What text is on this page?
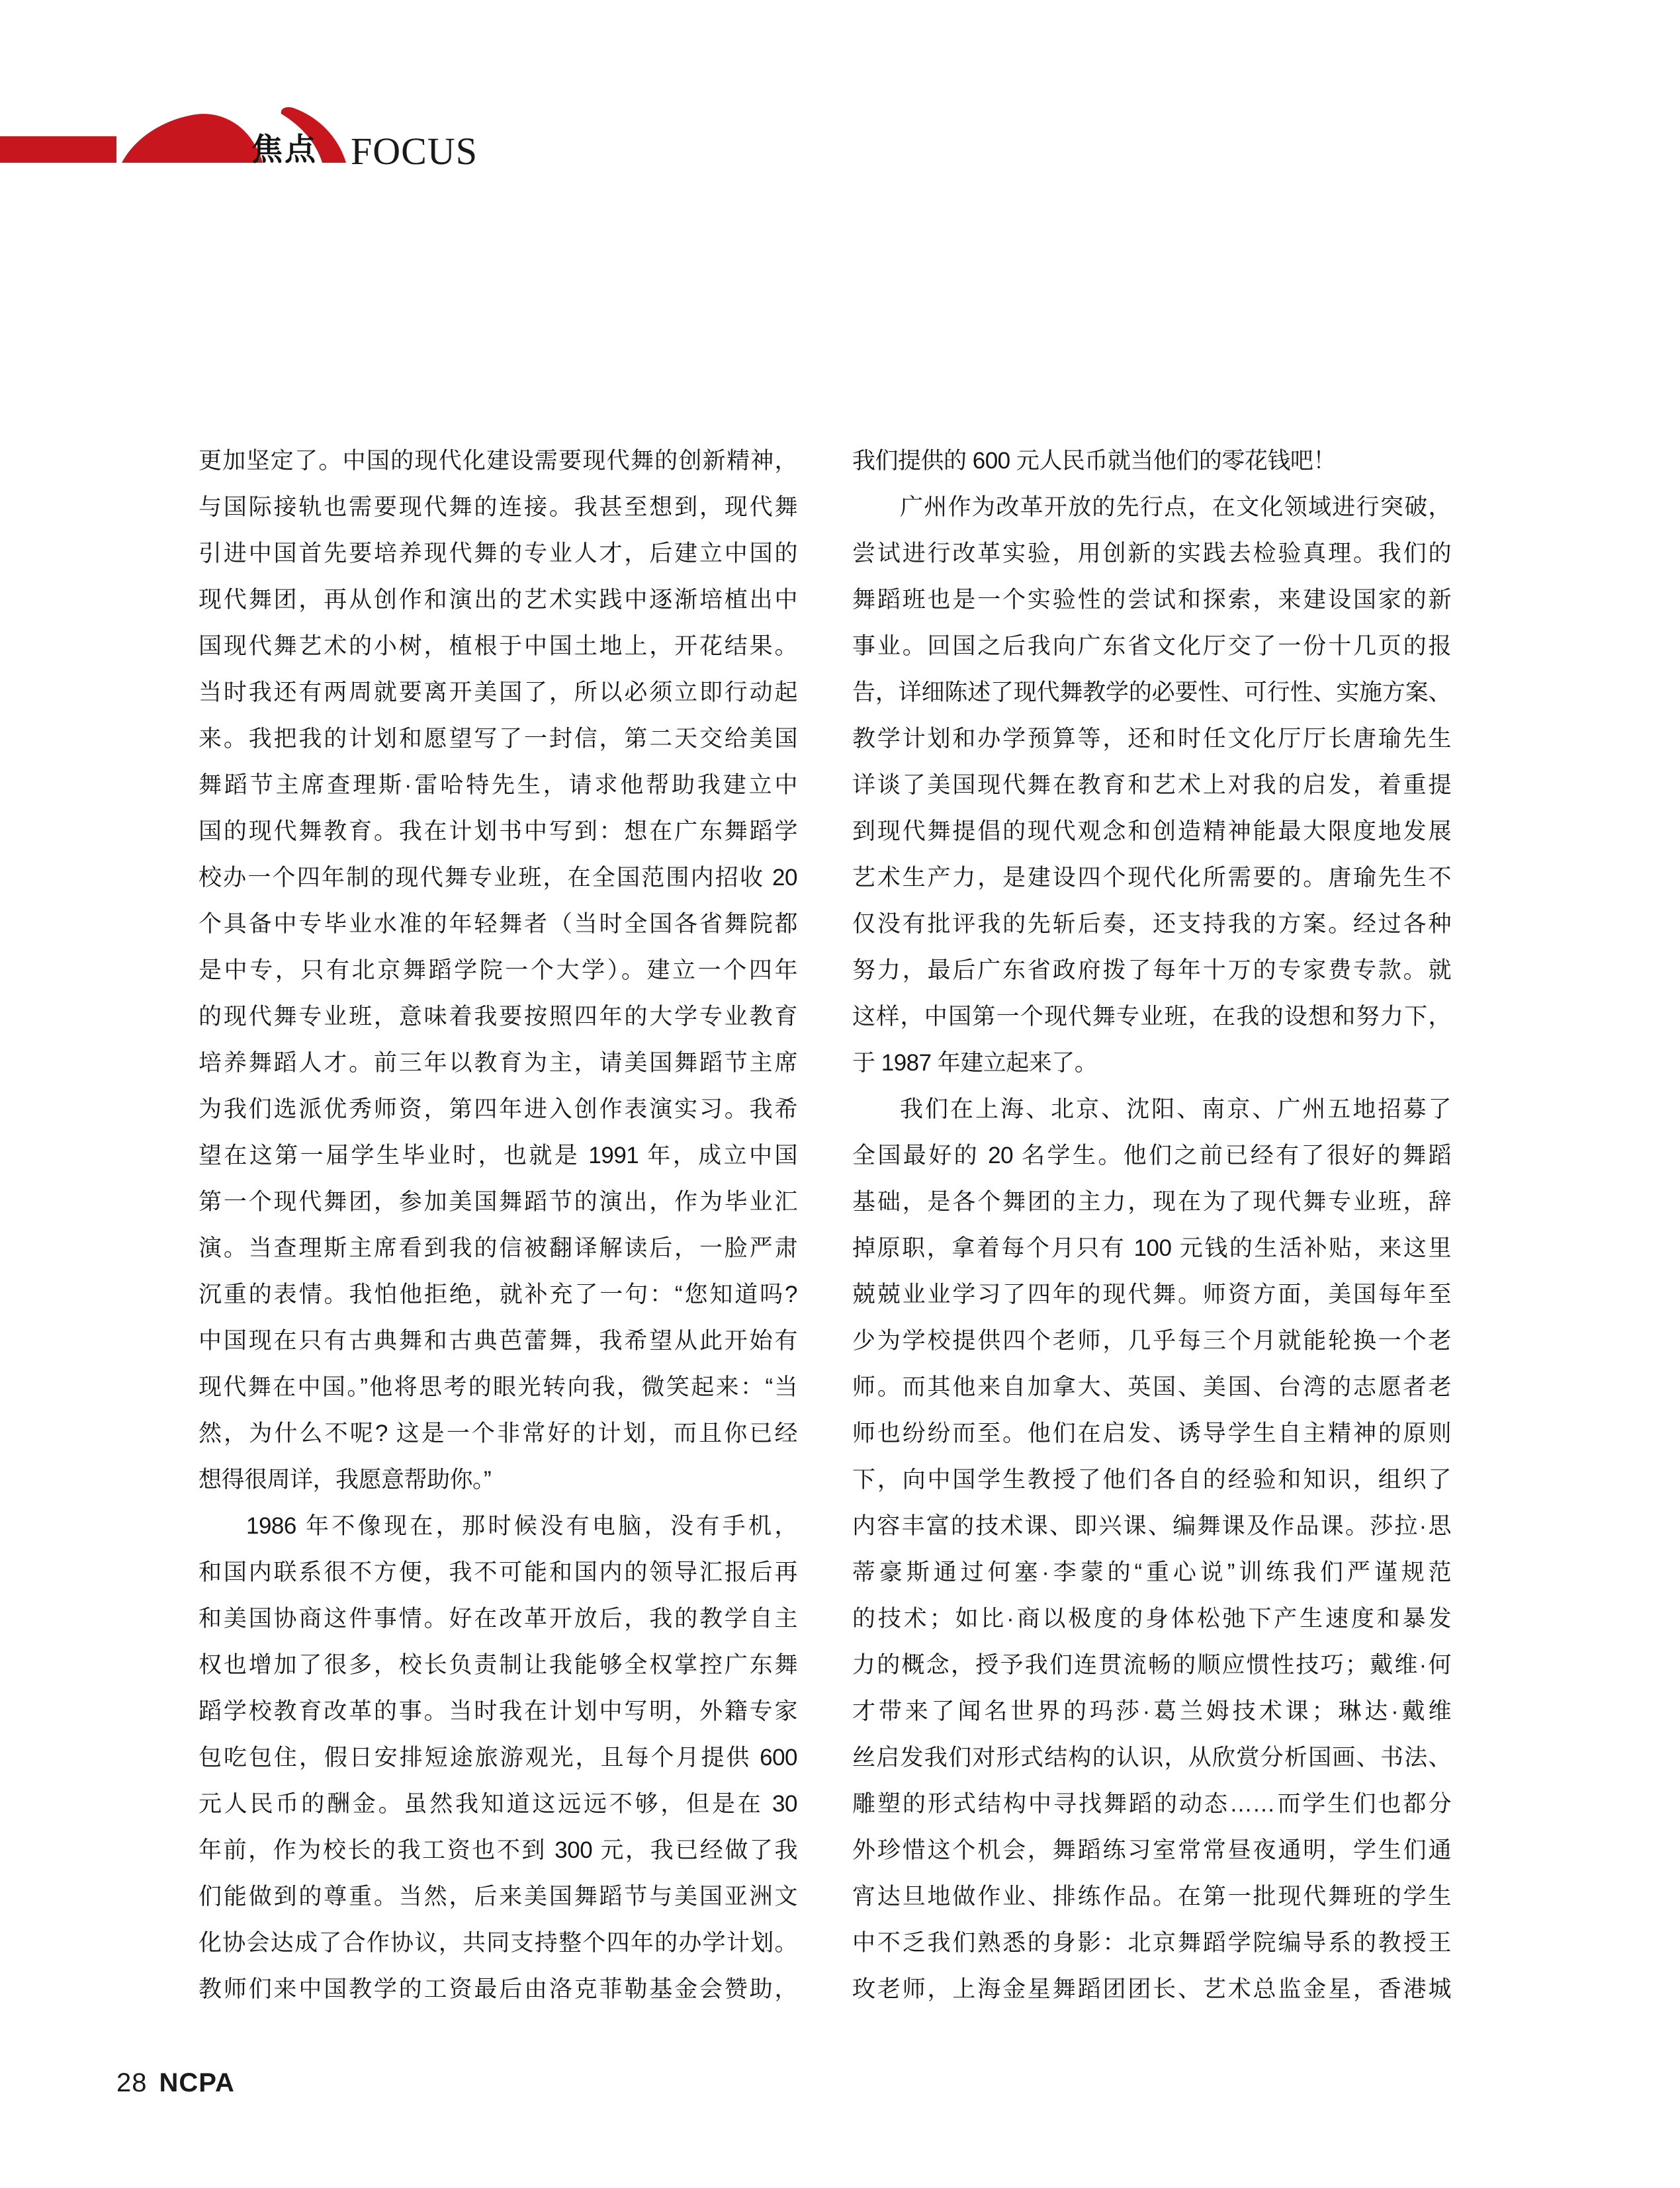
焦点 FOCUS
更加坚定了。中国的现代化建设需要现代舞的创新精神，
与国际接轨也需要现代舞的连接。我甚至想到，现代舞
引进中国首先要培养现代舞的专业人才，后建立中国的
现代舞团，再从创作和演出的艺术实践中逐渐培植出中
国现代舞艺术的小树，植根于中国土地上，开花结果。
当时我还有两周就要离开美国了，所以必须立即行动起
来。我把我的计划和愿望写了一封信，第二天交给美国
舞蹈节主席查理斯·雷哈特先生，请求他帮助我建立中
国的现代舞教育。我在计划书中写到：想在广东舞蹈学
校办一个四年制的现代舞专业班，在全国范围内招收 20
个具备中专毕业水准的年轻舞者（当时全国各省舞院都
是中专，只有北京舞蹈学院一个大学）。建立一个四年
的现代舞专业班，意味着我要按照四年的大学专业教育
培养舞蹈人才。前三年以教育为主，请美国舞蹈节主席
为我们选派优秀师资，第四年进入创作表演实习。我希
望在这第一届学生毕业时，也就是 1991 年，成立中国
第一个现代舞团，参加美国舞蹈节的演出，作为毕业汇
演。当查理斯主席看到我的信被翻译解读后，一脸严肃
沉重的表情。我怕他拒绝，就补充了一句：“您知道吗?
中国现在只有古典舞和古典芭蕾舞，我希望从此开始有
现代舞在中国。”他将思考的眼光转向我，微笑起来：“当
然，为什么不呢? 这是一个非常好的计划，而且你已经
想得很周详，我愿意帮助你。”
1986 年不像现在，那时候没有电脑，没有手机，
和国内联系很不方便，我不可能和国内的领导汇报后再
和美国协商这件事情。好在改革开放后，我的教学自主
权也增加了很多，校长负责制让我能够全权掌控广东舞
蹈学校教育改革的事。当时我在计划中写明，外籍专家
包吃包住，假日安排短途旅游观光，且每个月提供 600
元人民币的酬金。虽然我知道这远远不够，但是在 30
年前，作为校长的我工资也不到 300 元，我已经做了我
们能做到的尊重。当然，后来美国舞蹈节与美国亚洲文
化协会达成了合作协议，共同支持整个四年的办学计划。
教师们来中国教学的工资最后由洛克菲勒基金会赞助，
我们提供的 600 元人民币就当他们的零花钱吧！
广州作为改革开放的先行点，在文化领域进行突破，
尝试进行改革实验，用创新的实践去检验真理。我们的
舞蹈班也是一个实验性的尝试和探索，来建设国家的新
事业。回国之后我向广东省文化厅交了一份十几页的报
告，详细陈述了现代舞教学的必要性、可行性、实施方案、
教学计划和办学预算等，还和时任文化厅厅长唐瑜先生
详谈了美国现代舞在教育和艺术上对我的启发，着重提
到现代舞提倡的现代观念和创造精神能最大限度地发展
艺术生产力，是建设四个现代化所需要的。唐瑜先生不
仅没有批评我的先斩后奏，还支持我的方案。经过各种
努力，最后广东省政府拨了每年十万的专家费专款。就
这样，中国第一个现代舞专业班，在我的设想和努力下，
于 1987 年建立起来了。
我们在上海、北京、沈阳、南京、广州五地招募了
全国最好的 20 名学生。他们之前已经有了很好的舞蹈
基础，是各个舞团的主力，现在为了现代舞专业班，辞
掉原职，拿着每个月只有 100 元钱的生活补贴，来这里
兢兢业业学习了四年的现代舞。师资方面，美国每年至
少为学校提供四个老师，几乎每三个月就能轮换一个老
师。而其他来自加拿大、英国、美国、台湾的志愿者老
师也纷纷而至。他们在启发、诱导学生自主精神的原则
下，向中国学生教授了他们各自的经验和知识，组织了
内容丰富的技术课、即兴课、编舞课及作品课。莎拉·思
蒂豪斯通过何塞·李蒙的“重心说”训练我们严谨规范
的技术；如比·商以极度的身体松弛下产生速度和暴发
力的概念，授予我们连贯流畅的顺应惯性技巧；戴维·何
才带来了闻名世界的玛莎·葛兰姆技术课；琳达·戴维
丝启发我们对形式结构的认识，从欣赏分析国画、书法、
雕塑的形式结构中寻找舞蹈的动态……而学生们也都分
外珍惜这个机会，舞蹈练习室常常昼夜通明，学生们通
宵达旦地做作业、排练作品。在第一批现代舞班的学生
中不乏我们熟悉的身影：北京舞蹈学院编导系的教授王
玫老师，上海金星舞蹈团团长、艺术总监金星，香港城
28 NCPA
